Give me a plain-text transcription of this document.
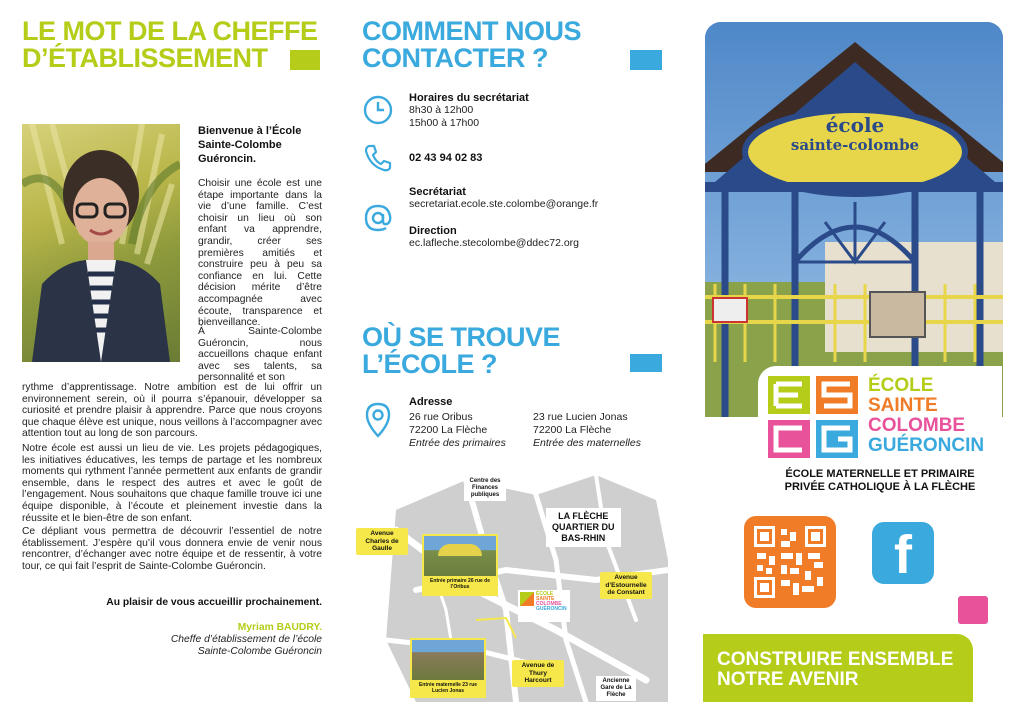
LE MOT DE LA CHEFFE
D’ÉTABLISSEMENT
Bienvenue à l’École
Sainte-Colombe
Guéroncin.
Choisir une école est une étape importante dans la vie d’une famille. C’est choisir un lieu où son enfant va apprendre, grandir, créer ses premières amitiés et construire peu à peu sa confiance en lui. Cette décision mérite d’être accompagnée avec écoute, transparence et bienveillance.
À Sainte-Colombe Guéroncin, nous accueillons chaque enfant avec ses talents, sa personnalité et son
rythme d’apprentissage. Notre ambition est de lui offrir un environnement serein, où il pourra s’épanouir, développer sa curiosité et prendre plaisir à apprendre. Parce que nous croyons que chaque élève est unique, nous veillons à l’accompagner avec attention tout au long de son parcours.
Notre école est aussi un lieu de vie. Les projets pédagogiques, les initiatives éducatives, les temps de partage et les nombreux moments qui rythment l’année permettent aux enfants de grandir ensemble, dans le respect des autres et avec le goût de l’engagement. Nous souhaitons que chaque famille trouve ici une équipe disponible, à l’écoute et pleinement investie dans la réussite et le bien-être de son enfant.
Ce dépliant vous permettra de découvrir l’essentiel de notre établissement. J’espère qu’il vous donnera envie de venir nous rencontrer, d’échanger avec notre équipe et de ressentir, à votre tour, ce qui fait l’esprit de Sainte-Colombe Guéroncin.
Au plaisir de vous accueillir prochainement.
Myriam BAUDRY.
Cheffe d’établissement de l’école
Sainte-Colombe Guéroncin
COMMENT NOUS
CONTACTER ?
Horaires du secrétariat
8h30 à 12h00
15h00 à 17h00
02 43 94 02 83
Secrétariat
secretariat.ecole.ste.colombe@orange.fr
Direction
ec.lafleche.stecolombe@ddec72.org
OÙ SE TROUVE
L’ÉCOLE ?
Adresse
26 rue Oribus
72200 La Flèche
Entrée des primaires
23 rue Lucien Jonas
72200 La Flèche
Entrée des maternelles
Centre des Finances publiques
LA FLÈCHE
QUARTIER DU
BAS-RHIN
Avenue Charles de Gaulle
Avenue d’Estournelle de Constant
Avenue de Thury Harcourt	Ancienne Gare de La Flèche
Entrée primaire 26 rue de l’Oribus
Entrée maternelle 23 rue Lucien Jonas
ÉCOLE
SAINTE
COLOMBE
GUÉRONCIN
école
sainte-colombe
ÉCOLE
SAINTE
COLOMBE
GUÉRONCIN
ÉCOLE MATERNELLE ET PRIMAIRE
PRIVÉE CATHOLIQUE À LA FLÈCHE
f
CONSTRUIRE ENSEMBLE
NOTRE AVENIR
